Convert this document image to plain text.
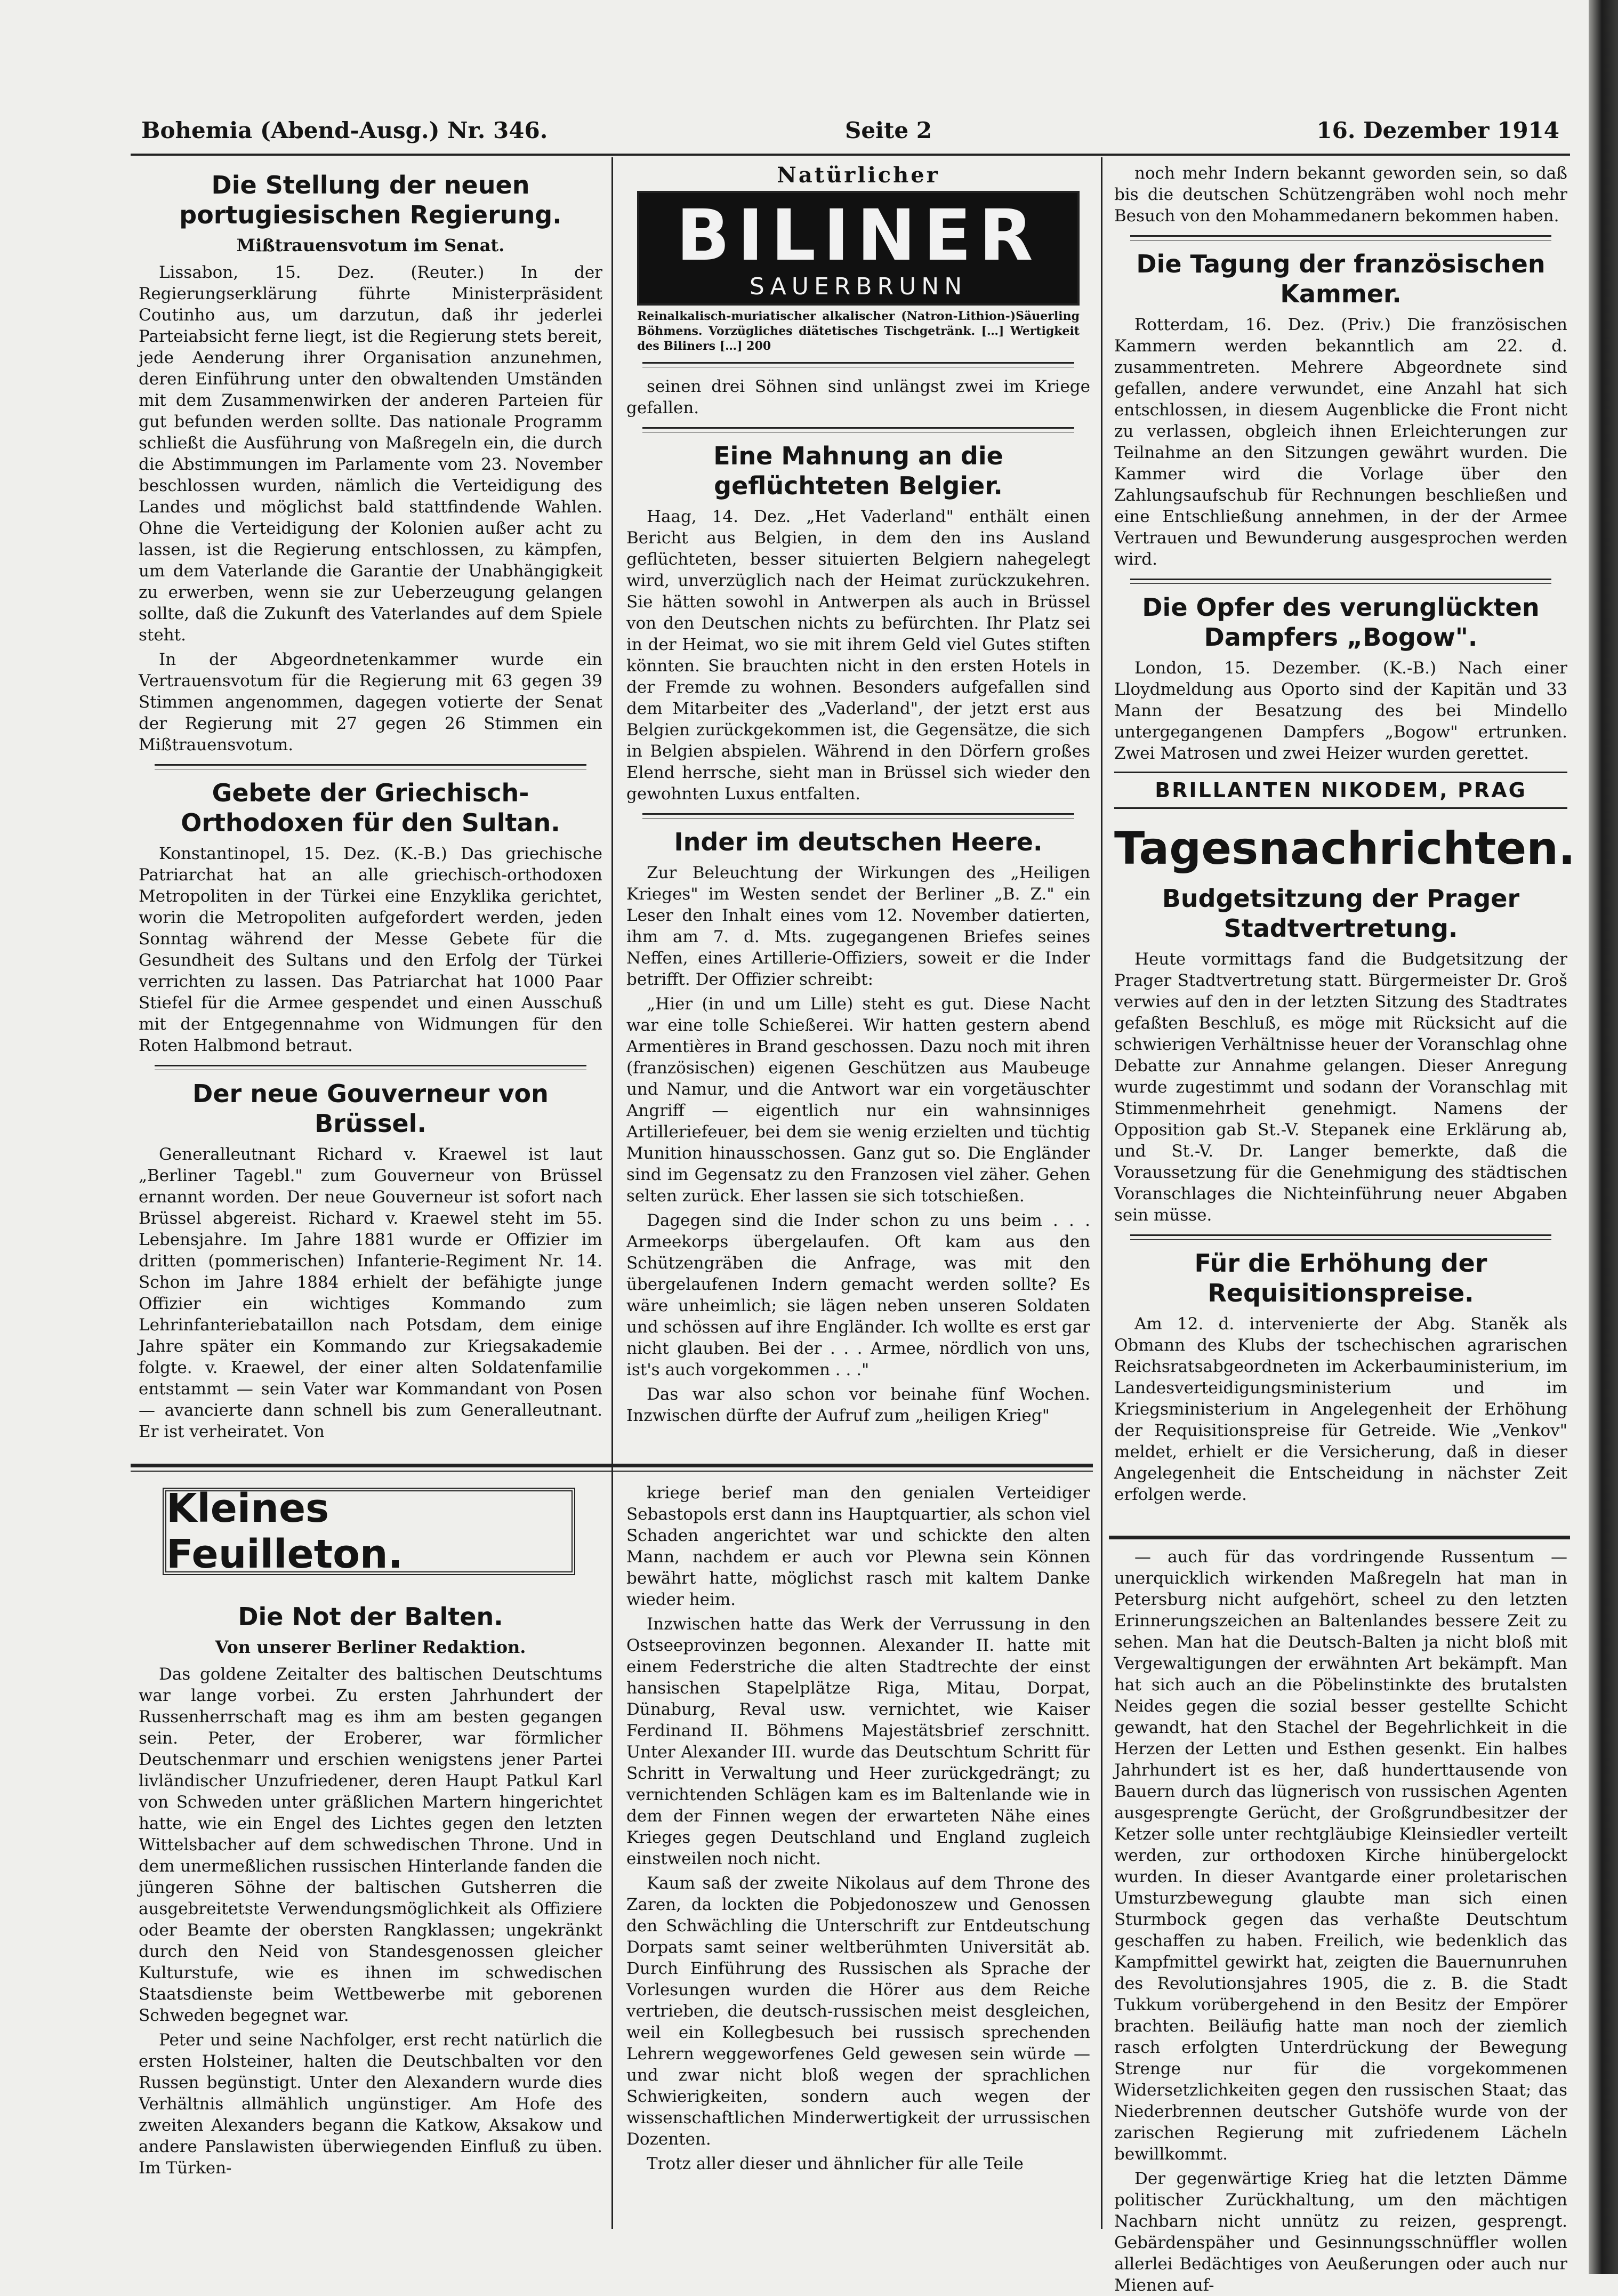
Bohemia (Abend-Ausg.) Nr. 346.	Seite 2	16. Dezember 1914
Die Stellung der neuen portugiesischen Regierung.
Mißtrauensvotum im Senat.

Lissabon, 15. Dez. (Reuter.) In der Regierungserklärung führte Ministerpräsident Coutinho aus, um darzutun, daß ihr jederlei Parteiabsicht ferne liegt, ist die Regierung stets bereit, jede Aenderung ihrer Organisation anzunehmen, deren Einführung unter den obwaltenden Umständen mit dem Zusammenwirken der anderen Parteien für gut befunden werden sollte. Das nationale Programm schließt die Ausführung von Maßregeln ein, die durch die Abstimmungen im Parlamente vom 23. November beschlossen wurden, nämlich die Verteidigung des Landes und möglichst bald stattfindende Wahlen. Ohne die Verteidigung der Kolonien außer acht zu lassen, ist die Regierung entschlossen, zu kämpfen, um dem Vaterlande die Garantie der Unabhängigkeit zu erwerben, wenn sie zur Ueberzeugung gelangen sollte, daß die Zukunft des Vaterlandes auf dem Spiele steht.

In der Abgeordnetenkammer wurde ein Vertrauensvotum für die Regierung mit 63 gegen 39 Stimmen angenommen, dagegen votierte der Senat der Regierung mit 27 gegen 26 Stimmen ein Mißtrauensvotum.

Gebete der Griechisch-Orthodoxen für den Sultan.

Konstantinopel, 15. Dez. (K.-B.) Das griechische Patriarchat hat an alle griechisch-orthodoxen Metropoliten in der Türkei eine Enzyklika gerichtet, worin die Metropoliten aufgefordert werden, jeden Sonntag während der Messe Gebete für die Gesundheit des Sultans und den Erfolg der Türkei verrichten zu lassen. Das Patriarchat hat 1000 Paar Stiefel für die Armee gespendet und einen Ausschuß mit der Entgegennahme von Widmungen für den Roten Halbmond betraut.

Der neue Gouverneur von Brüssel.

Generalleutnant Richard v. Kraewel ist laut „Berliner Tagebl." zum Gouverneur von Brüssel ernannt worden. Der neue Gouverneur ist sofort nach Brüssel abgereist. Richard v. Kraewel steht im 55. Lebensjahre. Im Jahre 1881 wurde er Offizier im dritten (pommerischen) Infanterie-Regiment Nr. 14. Schon im Jahre 1884 erhielt der befähigte junge Offizier ein wichtiges Kommando zum Lehrinfanteriebataillon nach Potsdam, dem einige Jahre später ein Kommando zur Kriegsakademie folgte. v. Kraewel, der einer alten Soldatenfamilie entstammt — sein Vater war Kommandant von Posen — avancierte dann schnell bis zum Generalleutnant. Er ist verheiratet. Von

Natürlicher
BILINER
SAUERBRUNN
Reinalkalisch-muriatischer alkalischer (Natron-Lithion-)Säuerling Böhmens. Vorzügliches diätetisches Tischgetränk. […] Wertigkeit des Biliners […] 200

seinen drei Söhnen sind unlängst zwei im Kriege gefallen.

Eine Mahnung an die geflüchteten Belgier.

Haag, 14. Dez. „Het Vaderland" enthält einen Bericht aus Belgien, in dem den ins Ausland geflüchteten, besser situierten Belgiern nahegelegt wird, unverzüglich nach der Heimat zurückzukehren. Sie hätten sowohl in Antwerpen als auch in Brüssel von den Deutschen nichts zu befürchten. Ihr Platz sei in der Heimat, wo sie mit ihrem Geld viel Gutes stiften könnten. Sie brauchten nicht in den ersten Hotels in der Fremde zu wohnen. Besonders aufgefallen sind dem Mitarbeiter des „Vaderland", der jetzt erst aus Belgien zurückgekommen ist, die Gegensätze, die sich in Belgien abspielen. Während in den Dörfern großes Elend herrsche, sieht man in Brüssel sich wieder den gewohnten Luxus entfalten.

Inder im deutschen Heere.

Zur Beleuchtung der Wirkungen des „Heiligen Krieges" im Westen sendet der Berliner „B. Z." ein Leser den Inhalt eines vom 12. November datierten, ihm am 7. d. Mts. zugegangenen Briefes seines Neffen, eines Artillerie-Offiziers, soweit er die Inder betrifft. Der Offizier schreibt:

„Hier (in und um Lille) steht es gut. Diese Nacht war eine tolle Schießerei. Wir hatten gestern abend Armentières in Brand geschossen. Dazu noch mit ihren (französischen) eigenen Geschützen aus Maubeuge und Namur, und die Antwort war ein vorgetäuschter Angriff — eigentlich nur ein wahnsinniges Artilleriefeuer, bei dem sie wenig erzielten und tüchtig Munition hinausschossen. Ganz gut so. Die Engländer sind im Gegensatz zu den Franzosen viel zäher. Gehen selten zurück. Eher lassen sie sich totschießen.

Dagegen sind die Inder schon zu uns beim . . . Armeekorps übergelaufen. Oft kam aus den Schützengräben die Anfrage, was mit den übergelaufenen Indern gemacht werden sollte? Es wäre unheimlich; sie lägen neben unseren Soldaten und schössen auf ihre Engländer. Ich wollte es erst gar nicht glauben. Bei der . . . Armee, nördlich von uns, ist's auch vorgekommen . . ."

Das war also schon vor beinahe fünf Wochen. Inzwischen dürfte der Aufruf zum „heiligen Krieg"

noch mehr Indern bekannt geworden sein, so daß bis die deutschen Schützengräben wohl noch mehr Besuch von den Mohammedanern bekommen haben.

Die Tagung der französischen Kammer.

Rotterdam, 16. Dez. (Priv.) Die französischen Kammern werden bekanntlich am 22. d. zusammentreten. Mehrere Abgeordnete sind gefallen, andere verwundet, eine Anzahl hat sich entschlossen, in diesem Augenblicke die Front nicht zu verlassen, obgleich ihnen Erleichterungen zur Teilnahme an den Sitzungen gewährt wurden. Die Kammer wird die Vorlage über den Zahlungsaufschub für Rechnungen beschließen und eine Entschließung annehmen, in der der Armee Vertrauen und Bewunderung ausgesprochen werden wird.

Die Opfer des verunglückten Dampfers „Bogow".

London, 15. Dezember. (K.-B.) Nach einer Lloydmeldung aus Oporto sind der Kapitän und 33 Mann der Besatzung des bei Mindello untergegangenen Dampfers „Bogow" ertrunken. Zwei Matrosen und zwei Heizer wurden gerettet.

BRILLANTEN NIKODEM, PRAG
Tagesnachrichten.
Budgetsitzung der Prager Stadtvertretung.

Heute vormittags fand die Budgetsitzung der Prager Stadtvertretung statt. Bürgermeister Dr. Groš verwies auf den in der letzten Sitzung des Stadtrates gefaßten Beschluß, es möge mit Rücksicht auf die schwierigen Verhältnisse heuer der Voranschlag ohne Debatte zur Annahme gelangen. Dieser Anregung wurde zugestimmt und sodann der Voranschlag mit Stimmenmehrheit genehmigt. Namens der Opposition gab St.-V. Stepanek eine Erklärung ab, und St.-V. Dr. Langer bemerkte, daß die Voraussetzung für die Genehmigung des städtischen Voranschlages die Nichteinführung neuer Abgaben sein müsse.

Für die Erhöhung der Requisitionspreise.

Am 12. d. intervenierte der Abg. Staněk als Obmann des Klubs der tschechischen agrarischen Reichsratsabgeordneten im Ackerbauministerium, im Landesverteidigungsministerium und im Kriegsministerium in Angelegenheit der Erhöhung der Requisitionspreise für Getreide. Wie „Venkov" meldet, erhielt er die Versicherung, daß in dieser Angelegenheit die Entscheidung in nächster Zeit erfolgen werde.

Kleines Feuilleton.
Die Not der Balten.
Von unserer Berliner Redaktion.

Das goldene Zeitalter des baltischen Deutschtums war lange vorbei. Zu ersten Jahrhundert der Russenherrschaft mag es ihm am besten gegangen sein. Peter, der Eroberer, war förmlicher Deutschenmarr und erschien wenigstens jener Partei livländischer Unzufriedener, deren Haupt Patkul Karl von Schweden unter gräßlichen Martern hingerichtet hatte, wie ein Engel des Lichtes gegen den letzten Wittelsbacher auf dem schwedischen Throne. Und in dem unermeßlichen russischen Hinterlande fanden die jüngeren Söhne der baltischen Gutsherren die ausgebreitetste Verwendungsmöglichkeit als Offiziere oder Beamte der obersten Rangklassen; ungekränkt durch den Neid von Standesgenossen gleicher Kulturstufe, wie es ihnen im schwedischen Staatsdienste beim Wettbewerbe mit geborenen Schweden begegnet war.

Peter und seine Nachfolger, erst recht natürlich die ersten Holsteiner, halten die Deutschbalten vor den Russen begünstigt. Unter den Alexandern wurde dies Verhältnis allmählich ungünstiger. Am Hofe des zweiten Alexanders begann die Katkow, Aksakow und andere Panslawisten überwiegenden Einfluß zu üben. Im Türken-

kriege berief man den genialen Verteidiger Sebastopols erst dann ins Hauptquartier, als schon viel Schaden angerichtet war und schickte den alten Mann, nachdem er auch vor Plewna sein Können bewährt hatte, möglichst rasch mit kaltem Danke wieder heim.

Inzwischen hatte das Werk der Verrussung in den Ostseeprovinzen begonnen. Alexander II. hatte mit einem Federstriche die alten Stadtrechte der einst hansischen Stapelplätze Riga, Mitau, Dorpat, Dünaburg, Reval usw. vernichtet, wie Kaiser Ferdinand II. Böhmens Majestätsbrief zerschnitt. Unter Alexander III. wurde das Deutschtum Schritt für Schritt in Verwaltung und Heer zurückgedrängt; zu vernichtenden Schlägen kam es im Baltenlande wie in dem der Finnen wegen der erwarteten Nähe eines Krieges gegen Deutschland und England zugleich einstweilen noch nicht.

Kaum saß der zweite Nikolaus auf dem Throne des Zaren, da lockten die Pobjedonoszew und Genossen den Schwächling die Unterschrift zur Entdeutschung Dorpats samt seiner weltberühmten Universität ab. Durch Einführung des Russischen als Sprache der Vorlesungen wurden die Hörer aus dem Reiche vertrieben, die deutsch-russischen meist desgleichen, weil ein Kollegbesuch bei russisch sprechenden Lehrern weggeworfenes Geld gewesen sein würde — und zwar nicht bloß wegen der sprachlichen Schwierigkeiten, sondern auch wegen der wissenschaftlichen Minderwertigkeit der urrussischen Dozenten.

Trotz aller dieser und ähnlicher für alle Teile

— auch für das vordringende Russentum — unerquicklich wirkenden Maßregeln hat man in Petersburg nicht aufgehört, scheel zu den letzten Erinnerungszeichen an Baltenlandes bessere Zeit zu sehen. Man hat die Deutsch-Balten ja nicht bloß mit Vergewaltigungen der erwähnten Art bekämpft. Man hat sich auch an die Pöbelinstinkte des brutalsten Neides gegen die sozial besser gestellte Schicht gewandt, hat den Stachel der Begehrlichkeit in die Herzen der Letten und Esthen gesenkt. Ein halbes Jahrhundert ist es her, daß hunderttausende von Bauern durch das lügnerisch von russischen Agenten ausgesprengte Gerücht, der Großgrundbesitzer der Ketzer solle unter rechtgläubige Kleinsiedler verteilt werden, zur orthodoxen Kirche hinübergelockt wurden. In dieser Avantgarde einer proletarischen Umsturzbewegung glaubte man sich einen Sturmbock gegen das verhaßte Deutschtum geschaffen zu haben. Freilich, wie bedenklich das Kampfmittel gewirkt hat, zeigten die Bauernunruhen des Revolutionsjahres 1905, die z. B. die Stadt Tukkum vorübergehend in den Besitz der Empörer brachten. Beiläufig hatte man noch der ziemlich rasch erfolgten Unterdrückung der Bewegung Strenge nur für die vorgekommenen Widersetzlichkeiten gegen den russischen Staat; das Niederbrennen deutscher Gutshöfe wurde von der zarischen Regierung mit zufriedenem Lächeln bewillkommt.

Der gegenwärtige Krieg hat die letzten Dämme politischer Zurückhaltung, um den mächtigen Nachbarn nicht unnütz zu reizen, gesprengt. Gebärdenspäher und Gesinnungsschnüffler wollen allerlei Bedächtiges von Aeußerungen oder auch nur Mienen auf-
